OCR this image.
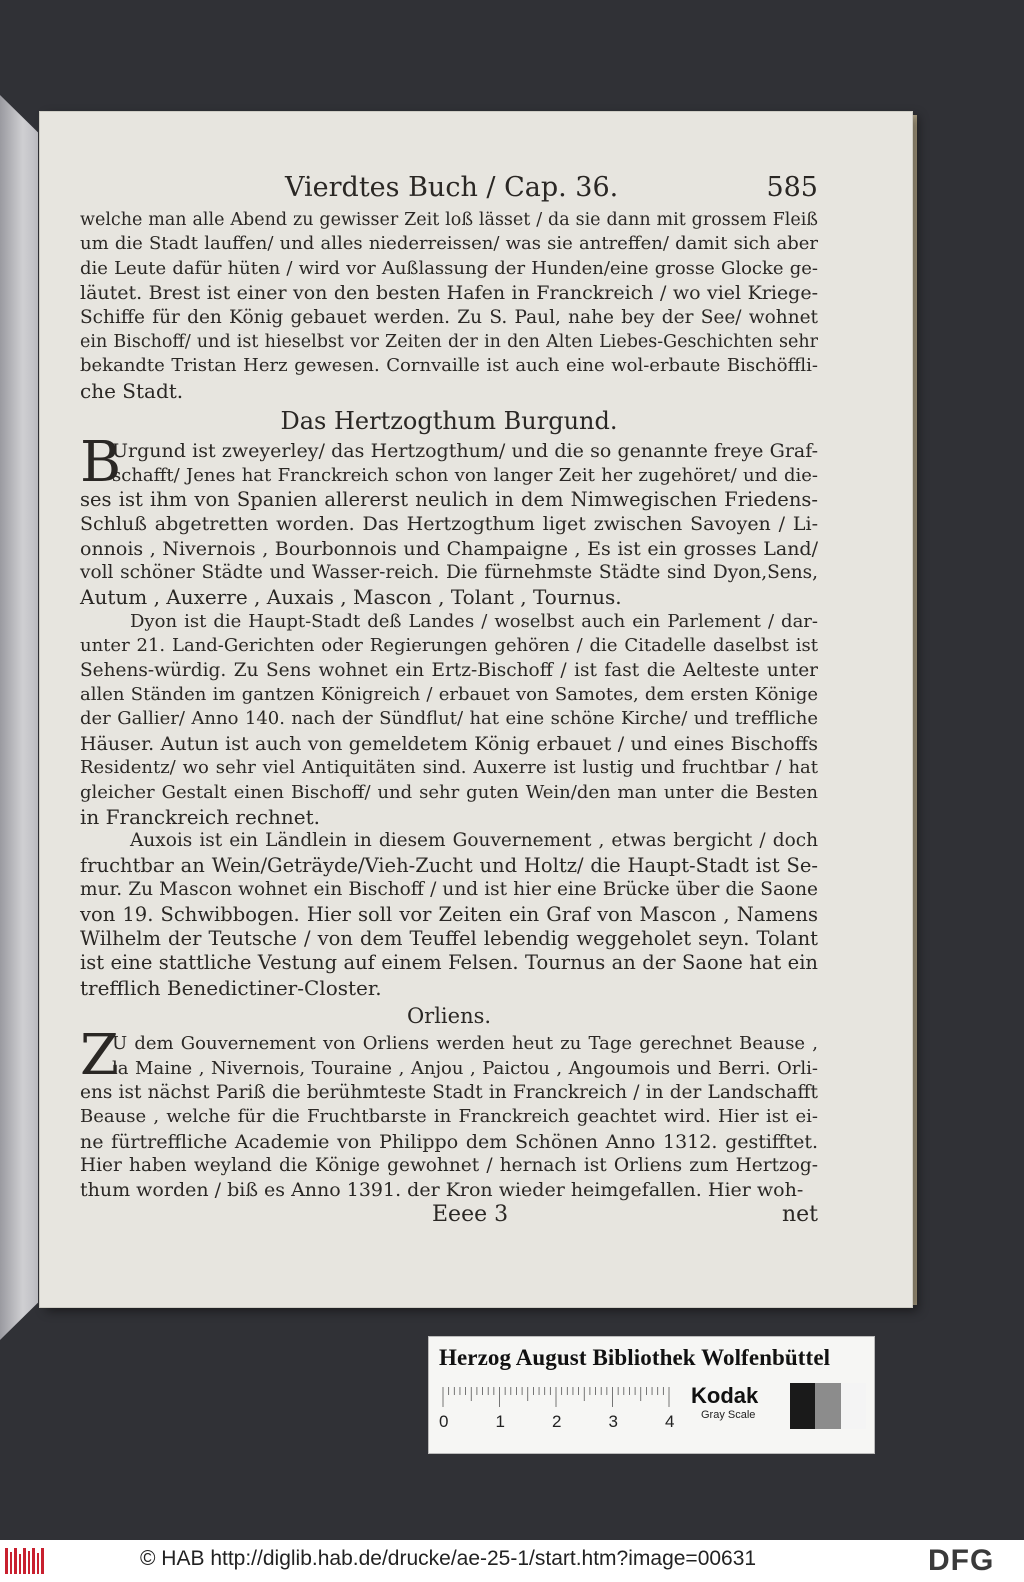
Vierdtes Buch / Cap. 36.	585
welche man alle Abend zu gewisser Zeit loß lässet / da sie dann mit grossem Fleiß
um die Stadt lauffen/ und alles niederreissen/ was sie antreffen/ damit sich aber
die Leute dafür hüten / wird vor Außlassung der Hunden/eine grosse Glocke ge-
läutet. Brest ist einer von den besten Hafen in Franckreich / wo viel Kriege-
Schiffe für den König gebauet werden. Zu S. Paul, nahe bey der See/ wohnet
ein Bischoff/ und ist hieselbst vor Zeiten der in den Alten Liebes-Geschichten sehr
bekandte Tristan Herz gewesen. Cornvaille ist auch eine wol-erbaute Bischöffli-
che Stadt.
Das Hertzogthum Burgund.
B
Urgund ist zweyerley/ das Hertzogthum/ und die so genannte freye Graf-
schafft/ Jenes hat Franckreich schon von langer Zeit her zugehöret/ und die-
ses ist ihm von Spanien allererst neulich in dem Nimwegischen Friedens-
Schluß abgetretten worden. Das Hertzogthum liget zwischen Savoyen / Li-
onnois , Nivernois , Bourbonnois und Champaigne , Es ist ein grosses Land/
voll schöner Städte und Wasser-reich. Die fürnehmste Städte sind Dyon,Sens,
Autum , Auxerre , Auxais , Mascon , Tolant , Tournus.
Dyon ist die Haupt-Stadt deß Landes / woselbst auch ein Parlement / dar-
unter 21. Land-Gerichten oder Regierungen gehören / die Citadelle daselbst ist
Sehens-würdig. Zu Sens wohnet ein Ertz-Bischoff / ist fast die Aelteste unter
allen Ständen im gantzen Königreich / erbauet von Samotes, dem ersten Könige
der Gallier/ Anno 140. nach der Sündflut/ hat eine schöne Kirche/ und treffliche
Häuser. Autun ist auch von gemeldetem König erbauet / und eines Bischoffs
Residentz/ wo sehr viel Antiquitäten sind. Auxerre ist lustig und fruchtbar / hat
gleicher Gestalt einen Bischoff/ und sehr guten Wein/den man unter die Besten
in Franckreich rechnet.
Auxois ist ein Ländlein in diesem Gouvernement , etwas bergicht / doch
fruchtbar an Wein/Geträyde/Vieh-Zucht und Holtz/ die Haupt-Stadt ist Se-
mur. Zu Mascon wohnet ein Bischoff / und ist hier eine Brücke über die Saone
von 19. Schwibbogen. Hier soll vor Zeiten ein Graf von Mascon , Namens
Wilhelm der Teutsche / von dem Teuffel lebendig weggeholet seyn. Tolant
ist eine stattliche Vestung auf einem Felsen. Tournus an der Saone hat ein
trefflich Benedictiner-Closter.
Orliens.
Z
U dem Gouvernement von Orliens werden heut zu Tage gerechnet Beause ,
la Maine , Nivernois, Touraine , Anjou , Paictou , Angoumois und Berri. Orli-
ens ist nächst Pariß die berühmteste Stadt in Franckreich / in der Landschafft
Beause , welche für die Fruchtbarste in Franckreich geachtet wird. Hier ist ei-
ne fürtreffliche Academie von Philippo dem Schönen Anno 1312. gestifftet.
Hier haben weyland die Könige gewohnet / hernach ist Orliens zum Hertzog-
thum worden / biß es Anno 1391. der Kron wieder heimgefallen. Hier woh-
Eeee 3	net
Herzog August Bibliothek Wolfenbüttel
0	1	2	3	4
Kodak
Gray Scale
© HAB http://diglib.hab.de/drucke/ae-25-1/start.htm?image=00631	DFG
